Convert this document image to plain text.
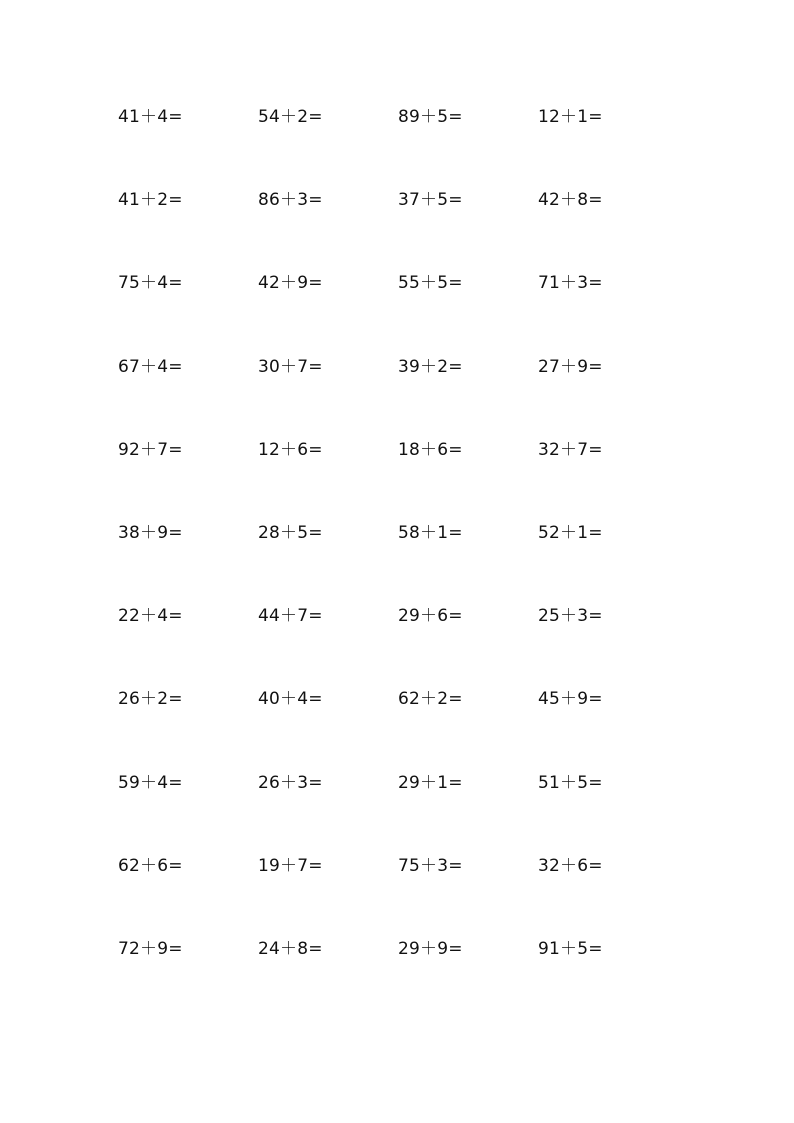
41＋4=	54＋2=	89＋5=	12＋1=
41＋2=	86＋3=	37＋5=	42＋8=
75＋4=	42＋9=	55＋5=	71＋3=
67＋4=	30＋7=	39＋2=	27＋9=
92＋7=	12＋6=	18＋6=	32＋7=
38＋9=	28＋5=	58＋1=	52＋1=
22＋4=	44＋7=	29＋6=	25＋3=
26＋2=	40＋4=	62＋2=	45＋9=
59＋4=	26＋3=	29＋1=	51＋5=
62＋6=	19＋7=	75＋3=	32＋6=
72＋9=	24＋8=	29＋9=	91＋5=
